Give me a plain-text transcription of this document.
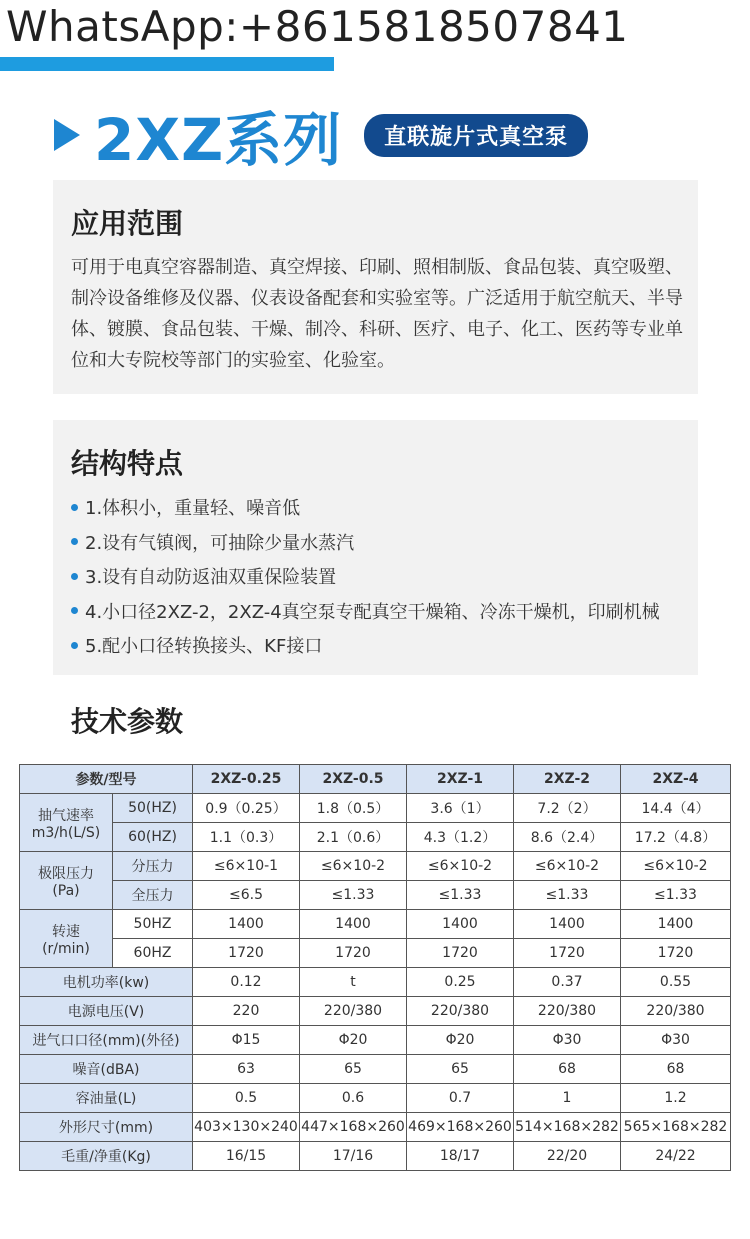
WhatsApp:+8615818507841
2XZ系列	直联旋片式真空泵
应用范围
可用于电真空容器制造、真空焊接、印刷、照相制版、食品包装、真空吸塑、制冷设备维修及仪器、仪表设备配套和实验室等。广泛适用于航空航天、半导体、镀膜、食品包装、干燥、制冷、科研、医疗、电子、化工、医药等专业单位和大专院校等部门的实验室、化验室。
结构特点
1.体积小，重量轻、噪音低
2.设有气镇阀，可抽除少量水蒸汽
3.设有自动防返油双重保险装置
4.小口径2XZ-2，2XZ-4真空泵专配真空干燥箱、冷冻干燥机，印刷机械
5.配小口径转换接头、KF接口
技术参数
参数/型号		2XZ-0.25	2XZ-0.5	2XZ-1	2XZ-2	2XZ-4

抽气速率
m3/h(L/S)	50(HZ)	0.9（0.25）	1.8（0.5）	3.6（1）	7.2（2）	14.4（4）
	60(HZ)	1.1（0.3）	2.1（0.6）	4.3（1.2）	8.6（2.4）	17.2（4.8）

极限压力
(Pa)	分压力	≤6×10-1	≤6×10-2	≤6×10-2	≤6×10-2	≤6×10-2
	全压力	≤6.5	≤1.33	≤1.33	≤1.33	≤1.33

转速
(r/min)	50HZ	1400	1400	1400	1400	1400
	60HZ	1720	1720	1720	1720	1720
电机功率(kw)		0.12	t	0.25	0.37	0.55
电源电压(V)		220	220/380	220/380	220/380	220/380
进气口口径(mm)(外径)		Φ15	Φ20	Φ20	Φ30	Φ30
噪音(dBA)		63	65	65	68	68
容油量(L)		0.5	0.6	0.7	1	1.2
外形尺寸(mm)		403×130×240	447×168×260	469×168×260	514×168×282	565×168×282
毛重/净重(Kg)		16/15	17/16	18/17	22/20	24/22
